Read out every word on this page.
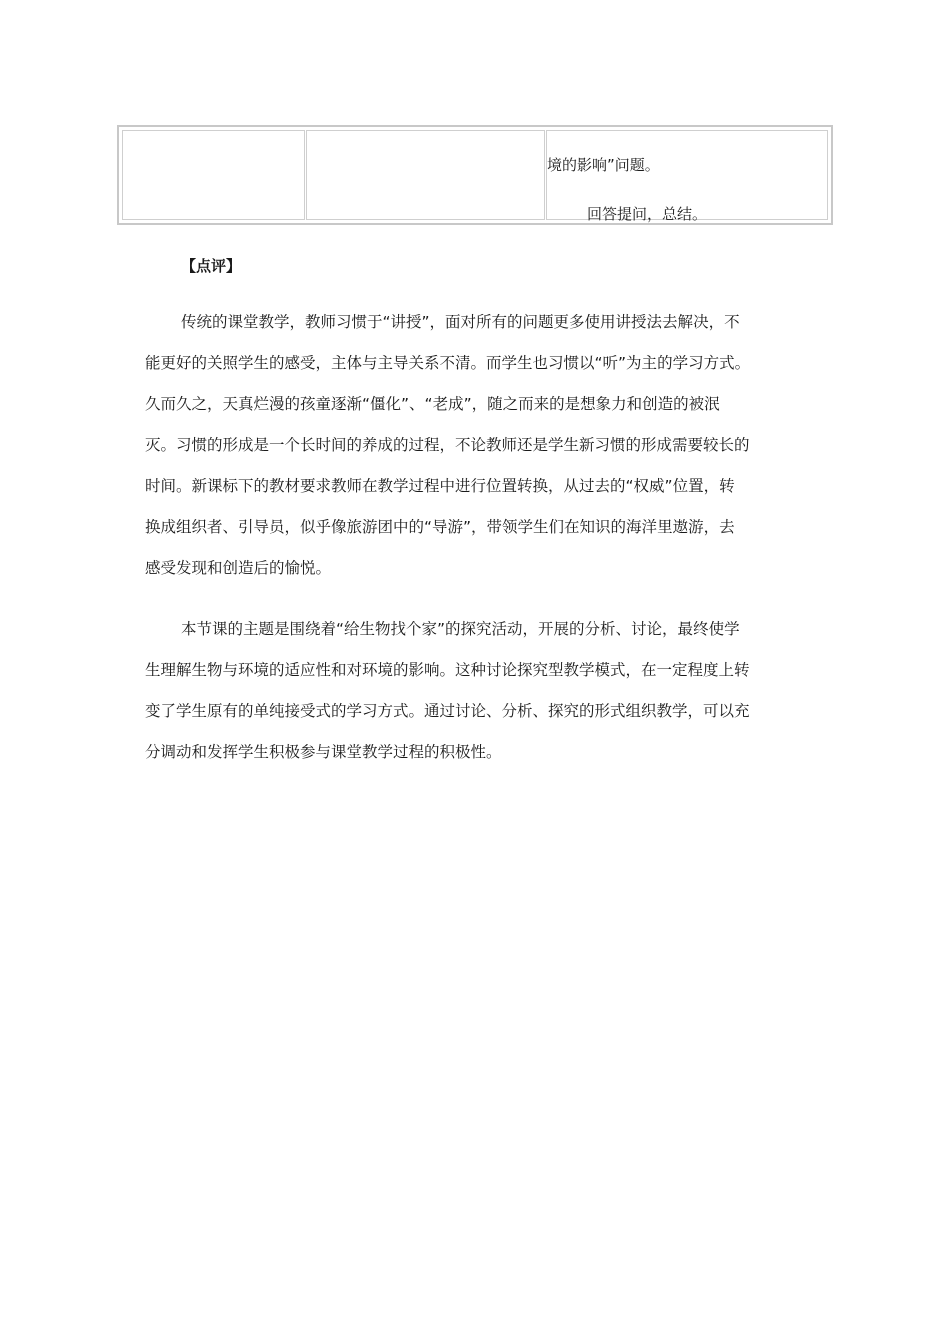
境的影响”问题。
回答提问，总结。
【点评】
传统的课堂教学，教师习惯于“讲授”，面对所有的问题更多使用讲授法去解决，不
能更好的关照学生的感受，主体与主导关系不清。而学生也习惯以“听”为主的学习方式。
久而久之，天真烂漫的孩童逐渐“僵化”、“老成”，随之而来的是想象力和创造的被泯
灭。习惯的形成是一个长时间的养成的过程，不论教师还是学生新习惯的形成需要较长的
时间。新课标下的教材要求教师在教学过程中进行位置转换，从过去的“权威”位置，转
换成组织者、引导员，似乎像旅游团中的“导游”，带领学生们在知识的海洋里遨游，去
感受发现和创造后的愉悦。
本节课的主题是围绕着“给生物找个家”的探究活动，开展的分析、讨论，最终使学
生理解生物与环境的适应性和对环境的影响。这种讨论探究型教学模式，在一定程度上转
变了学生原有的单纯接受式的学习方式。通过讨论、分析、探究的形式组织教学，可以充
分调动和发挥学生积极参与课堂教学过程的积极性。
